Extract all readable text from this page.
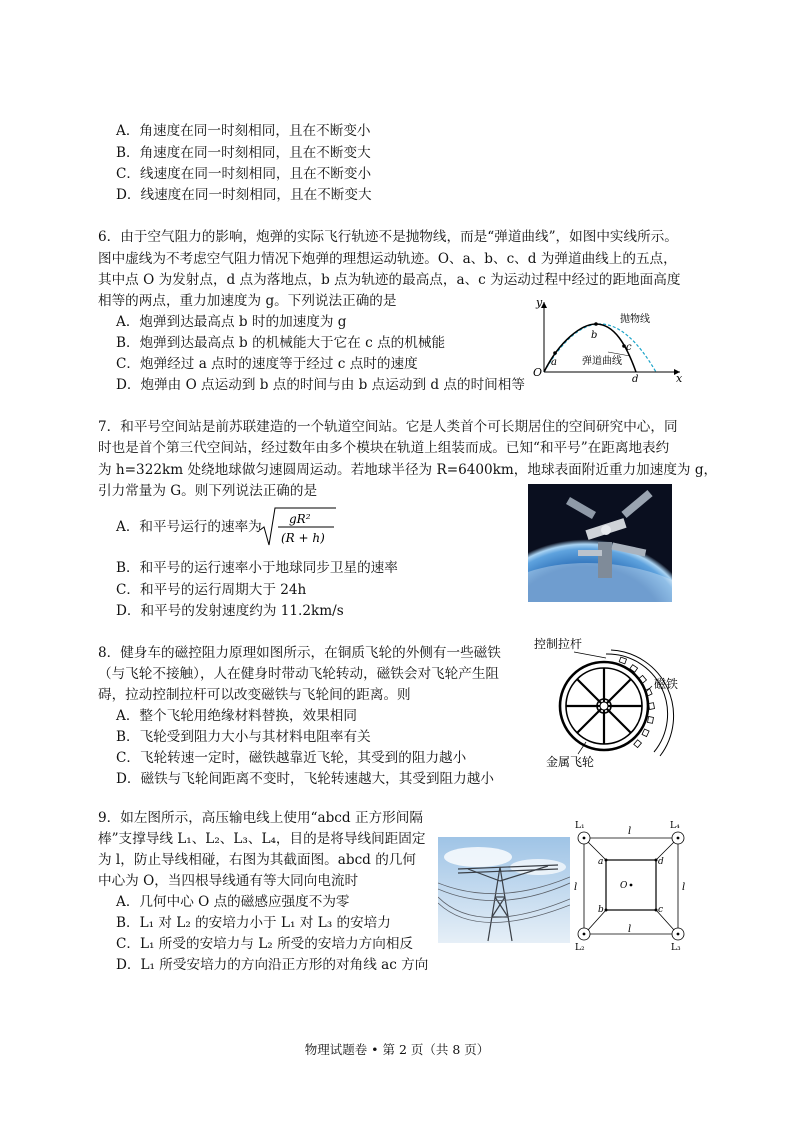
A．角速度在同一时刻相同，且在不断变小
B．角速度在同一时刻相同，且在不断变大
C．线速度在同一时刻相同，且在不断变小
D．线速度在同一时刻相同，且在不断变大
6．由于空气阻力的影响，炮弹的实际飞行轨迹不是抛物线，而是“弹道曲线”，如图中实线所示。
图中虚线为不考虑空气阻力情况下炮弹的理想运动轨迹。O、a、b、c、d 为弹道曲线上的五点，
其中点 O 为发射点，d 点为落地点，b 点为轨迹的最高点，a、c 为运动过程中经过的距地面高度
相等的两点，重力加速度为 g。下列说法正确的是
A．炮弹到达最高点 b 时的加速度为 g
B．炮弹到达最高点 b 的机械能大于它在 c 点的机械能
C．炮弹经过 a 点时的速度等于经过 c 点时的速度
D．炮弹由 O 点运动到 b 点的时间与由 b 点运动到 d 点的时间相等
y
x
O
a
b
c
d
抛物线
弹道曲线
7．和平号空间站是前苏联建造的一个轨道空间站。它是人类首个可长期居住的空间研究中心，同
时也是首个第三代空间站，经过数年由多个模块在轨道上组装而成。已知“和平号”在距离地表约
为 h=322km 处绕地球做匀速圆周运动。若地球半径为 R=6400km，地球表面附近重力加速度为 g，
引力常量为 G。则下列说法正确的是
A．和平号运行的速率为 gR²
(R + h)
B．和平号的运行速率小于地球同步卫星的速率
C．和平号的运行周期大于 24h
D．和平号的发射速度约为 11.2km/s
8．健身车的磁控阻力原理如图所示，在铜质飞轮的外侧有一些磁铁
（与飞轮不接触），人在健身时带动飞轮转动，磁铁会对飞轮产生阻
碍，拉动控制拉杆可以改变磁铁与飞轮间的距离。则
A．整个飞轮用绝缘材料替换，效果相同
B．飞轮受到阻力大小与其材料电阻率有关
C．飞轮转速一定时，磁铁越靠近飞轮，其受到的阻力越小
D．磁铁与飞轮间距离不变时，飞轮转速越大，其受到阻力越小
控制拉杆
磁铁
金属飞轮
9．如左图所示，高压输电线上使用“abcd 正方形间隔
棒”支撑导线 L₁、L₂、L₃、L₄，目的是将导线间距固定
为 l，防止导线相碰，右图为其截面图。abcd 的几何
中心为 O，当四根导线通有等大同向电流时
A．几何中心 O 点的磁感应强度不为零
B．L₁ 对 L₂ 的安培力小于 L₁ 对 L₃ 的安培力
C．L₁ 所受的安培力与 L₂ 所受的安培力方向相反
D．L₁ 所受安培力的方向沿正方形的对角线 ac 方向
L₁	L₄
L₂	L₃
l
l
l	l
a	d
b	c
O
物理试题卷 • 第 2 页（共 8 页）
